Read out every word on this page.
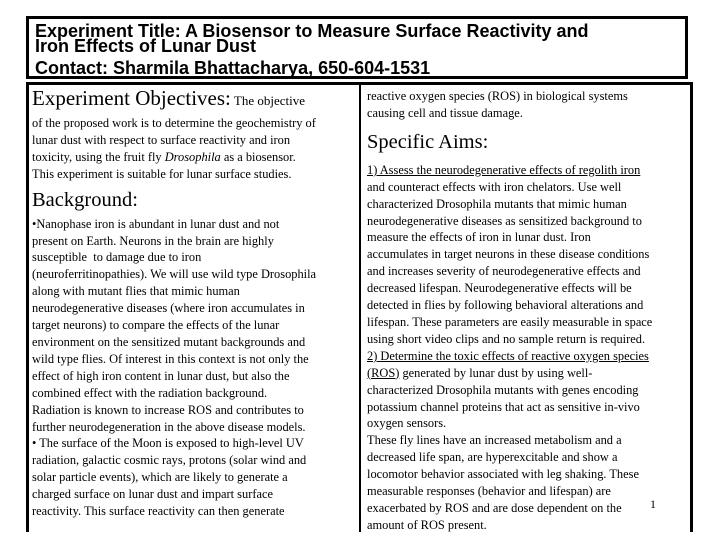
Experiment Title: A Biosensor to Measure Surface Reactivity and
Iron Effects of Lunar Dust
Contact: Sharmila Bhattacharya, 650-604-1531
Experiment Objectives: The objective
of the proposed work is to determine the geochemistry of
lunar dust with respect to surface reactivity and iron
toxicity, using the fruit fly Drosophila as a biosensor.
This experiment is suitable for lunar surface studies.
Background:
•Nanophase iron is abundant in lunar dust and not
present on Earth. Neurons in the brain are highly
susceptible  to damage due to iron
(neuroferritinopathies). We will use wild type Drosophila
along with mutant flies that mimic human
neurodegenerative diseases (where iron accumulates in
target neurons) to compare the effects of the lunar
environment on the sensitized mutant backgrounds and
wild type flies. Of interest in this context is not only the
effect of high iron content in lunar dust, but also the
combined effect with the radiation background.
Radiation is known to increase ROS and contributes to
further neurodegeneration in the above disease models.
• The surface of the Moon is exposed to high-level UV
radiation, galactic cosmic rays, protons (solar wind and
solar particle events), which are likely to generate a
charged surface on lunar dust and impart surface
reactivity. This surface reactivity can then generate
reactive oxygen species (ROS) in biological systems
causing cell and tissue damage.
Specific Aims:
1) Assess the neurodegenerative effects of regolith iron
and counteract effects with iron chelators. Use well
characterized Drosophila mutants that mimic human
neurodegenerative diseases as sensitized background to
measure the effects of iron in lunar dust. Iron
accumulates in target neurons in these disease conditions
and increases severity of neurodegenerative effects and
decreased lifespan. Neurodegenerative effects will be
detected in flies by following behavioral alterations and
lifespan. These parameters are easily measurable in space
using short video clips and no sample return is required.
2) Determine the toxic effects of reactive oxygen species
(ROS) generated by lunar dust by using well-
characterized Drosophila mutants with genes encoding
potassium channel proteins that act as sensitive in-vivo
oxygen sensors.
These fly lines have an increased metabolism and a
decreased life span, are hyperexcitable and show a
locomotor behavior associated with leg shaking. These
measurable responses (behavior and lifespan) are
exacerbated by ROS and are dose dependent on the
amount of ROS present.
1
